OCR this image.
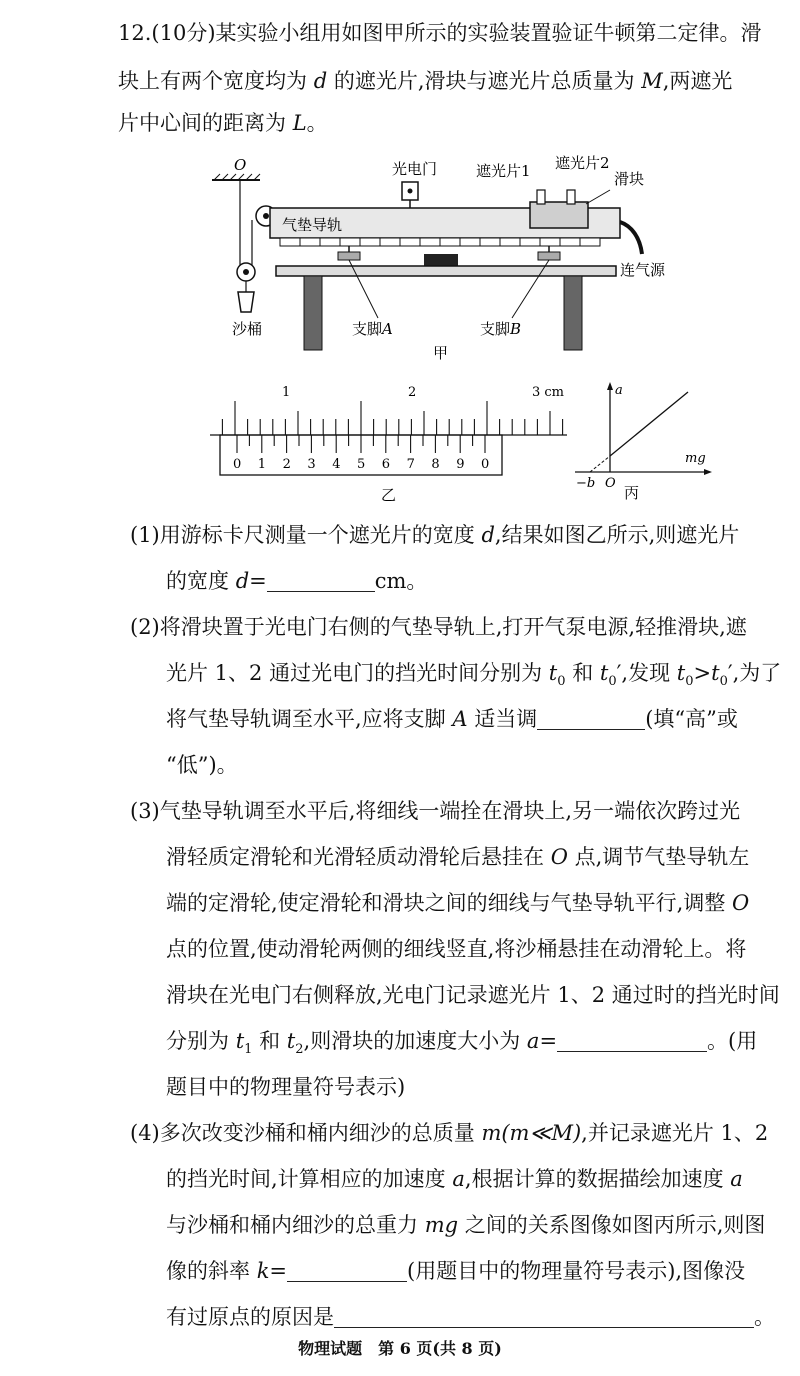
12.(10分)某实验小组用如图甲所示的实验装置验证牛顿第二定律。滑
块上有两个宽度均为 d 的遮光片,滑块与遮光片总质量为 M,两遮光
片中心间的距离为 L。
O
沙桶
气垫导轨
光电门	遮光片1 遮光片2
滑块
连气源
支脚A	支脚B
甲
1	2	3 cm
0 1 2 3 4 5 6 7 8 9 0
乙
a
mg
O
−b
丙
(1)用游标卡尺测量一个遮光片的宽度 d,结果如图乙所示,则遮光片
的宽度 d=	cm。
(2)将滑块置于光电门右侧的气垫导轨上,打开气泵电源,轻推滑块,遮
光片 1、2 通过光电门的挡光时间分别为 $t_0$ 和 $t_0'$,发现 $t_0>t_0'$,为了
将气垫导轨调至水平,应将支脚 A 适当调	(填“高”或
“低”)。
(3)气垫导轨调至水平后,将细线一端拴在滑块上,另一端依次跨过光
滑轻质定滑轮和光滑轻质动滑轮后悬挂在 O 点,调节气垫导轨左
端的定滑轮,使定滑轮和滑块之间的细线与气垫导轨平行,调整 O
点的位置,使动滑轮两侧的细线竖直,将沙桶悬挂在动滑轮上。将
滑块在光电门右侧释放,光电门记录遮光片 1、2 通过时的挡光时间
分别为 $t_1$ 和 $t_2$,则滑块的加速度大小为 a=	。(用
题目中的物理量符号表示)
(4)多次改变沙桶和桶内细沙的总质量 m(m≪M),并记录遮光片 1、2
的挡光时间,计算相应的加速度 a,根据计算的数据描绘加速度 a
与沙桶和桶内细沙的总重力 mg 之间的关系图像如图丙所示,则图
像的斜率 k=	(用题目中的物理量符号表示),图像没
有过原点的原因是	。
物理试题　第 6 页(共 8 页)
